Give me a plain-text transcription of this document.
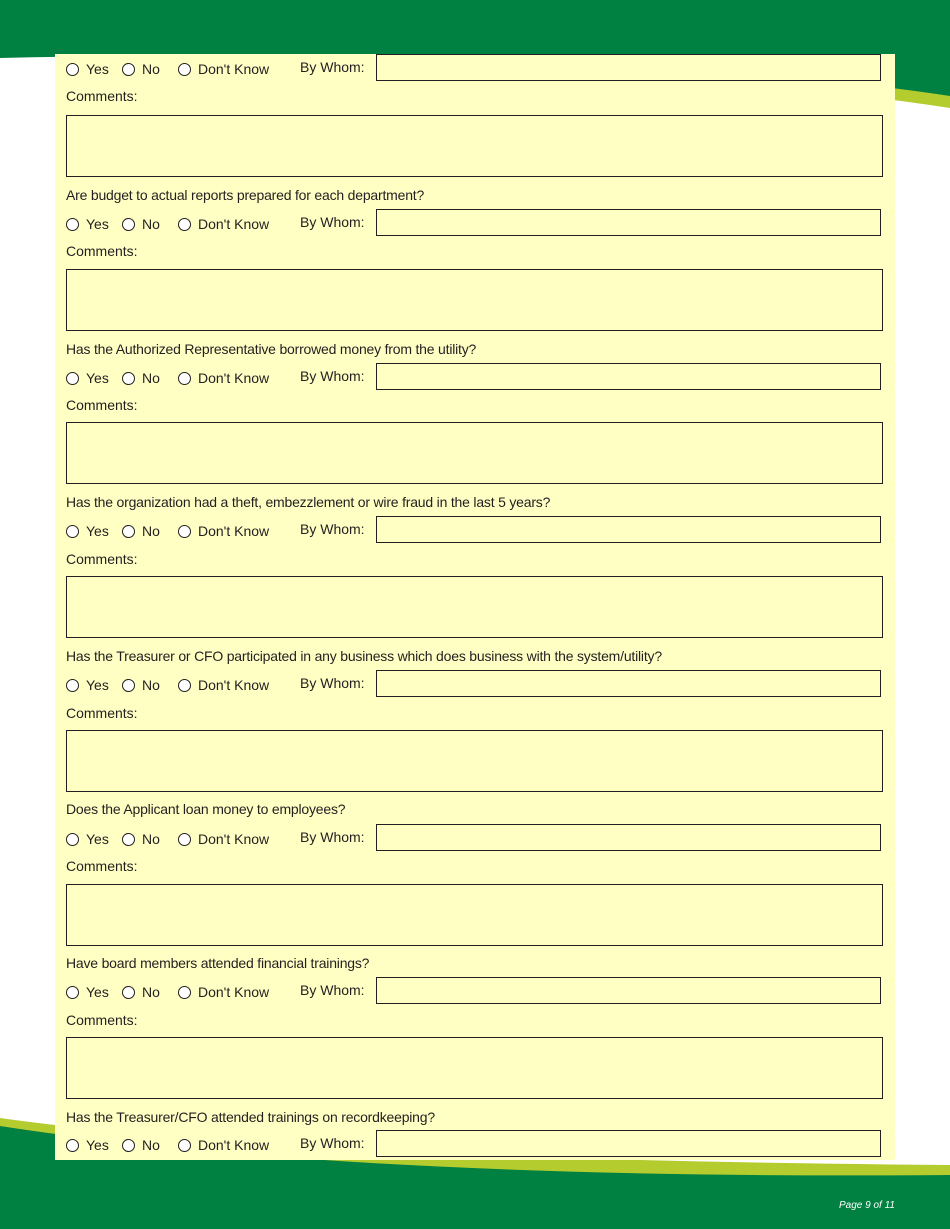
Yes No	Don't Know By Whom:
Comments:
Are budget to actual reports prepared for each department?
Yes No	Don't Know By Whom:
Comments:
Has the Authorized Representative borrowed money from the utility?
Yes No	Don't Know By Whom:
Comments:
Has the organization had a theft, embezzlement or wire fraud in the last 5 years?
Yes No	Don't Know By Whom:
Comments:
Has the Treasurer or CFO participated in any business which does business with the system/utility?
Yes No	Don't Know By Whom:
Comments:
Does the Applicant loan money to employees?
Yes No	Don't Know By Whom:
Comments:
Have board members attended financial trainings?
Yes No	Don't Know By Whom:
Comments:
Has the Treasurer/CFO attended trainings on recordkeeping?
Yes No	Don't Know By Whom:
Page 9 of 11
